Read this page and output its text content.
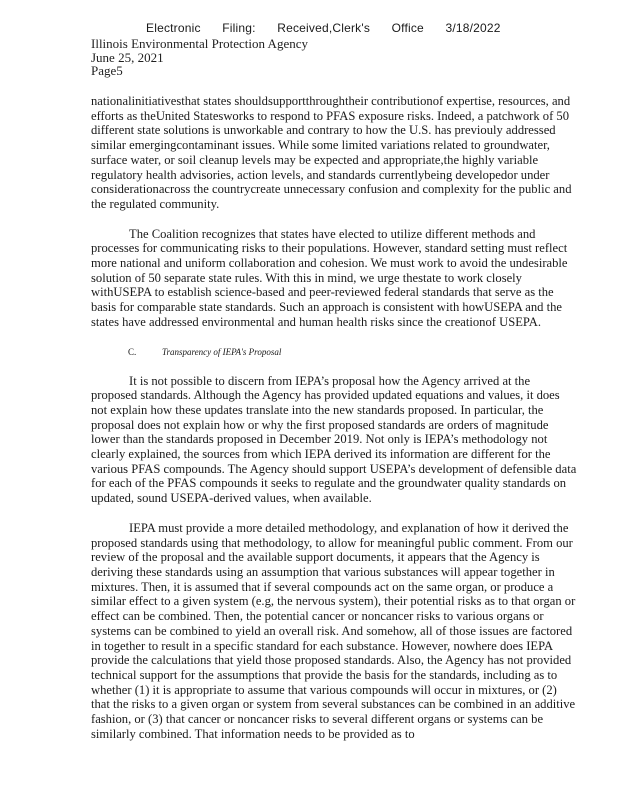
Electronic Filing: Received,Clerk's Office 3/18/2022
Illinois Environmental Protection Agency
June 25, 2021
Page5

nationalinitiativesthat states shouldsupportthroughtheir contributionof expertise, resources, and efforts as theUnited Statesworks to respond to PFAS exposure risks. Indeed, a patchwork of 50 different state solutions is unworkable and contrary to how the U.S. has previouly addressed similar emergingcontaminant issues. While some limited variations related to groundwater, surface water, or soil cleanup levels may be expected and appropriate,the highly variable regulatory health advisories, action levels, and standards currentlybeing developedor under considerationacross the countrycreate unnecessary confusion and complexity for the public and the regulated community.

The Coalition recognizes that states have elected to utilize different methods and processes for communicating risks to their populations. However, standard setting must reflect more national and uniform collaboration and cohesion. We must work to avoid the undesirable solution of 50 separate state rules. With this in mind, we urge thestate to work closely withUSEPA to establish science-based and peer-reviewed federal standards that serve as the basis for comparable state standards. Such an approach is consistent with howUSEPA and the states have addressed environmental and human health risks since the creationof USEPA.

C.	Transparency of IEPA's Proposal

It is not possible to discern from IEPA’s proposal how the Agency arrived at the proposed standards. Although the Agency has provided updated equations and values, it does not explain how these updates translate into the new standards proposed. In particular, the proposal does not explain how or why the first proposed standards are orders of magnitude lower than the standards proposed in December 2019. Not only is IEPA’s methodology not clearly explained, the sources from which IEPA derived its information are different for the various PFAS compounds. The Agency should support USEPA’s development of defensible data for each of the PFAS compounds it seeks to regulate and the groundwater quality standards on updated, sound USEPA-derived values, when available.

IEPA must provide a more detailed methodology, and explanation of how it derived the proposed standards using that methodology, to allow for meaningful public comment. From our review of the proposal and the available support documents, it appears that the Agency is deriving these standards using an assumption that various substances will appear together in mixtures. Then, it is assumed that if several compounds act on the same organ, or produce a similar effect to a given system (e.g, the nervous system), their potential risks as to that organ or effect can be combined. Then, the potential cancer or noncancer risks to various organs or systems can be combined to yield an overall risk. And somehow, all of those issues are factored in together to result in a specific standard for each substance. However, nowhere does IEPA provide the calculations that yield those proposed standards. Also, the Agency has not provided technical support for the assumptions that provide the basis for the standards, including as to whether (1) it is appropriate to assume that various compounds will occur in mixtures, or (2) that the risks to a given organ or system from several substances can be combined in an additive fashion, or (3) that cancer or noncancer risks to several different organs or systems can be similarly combined. That information needs to be provided as to
